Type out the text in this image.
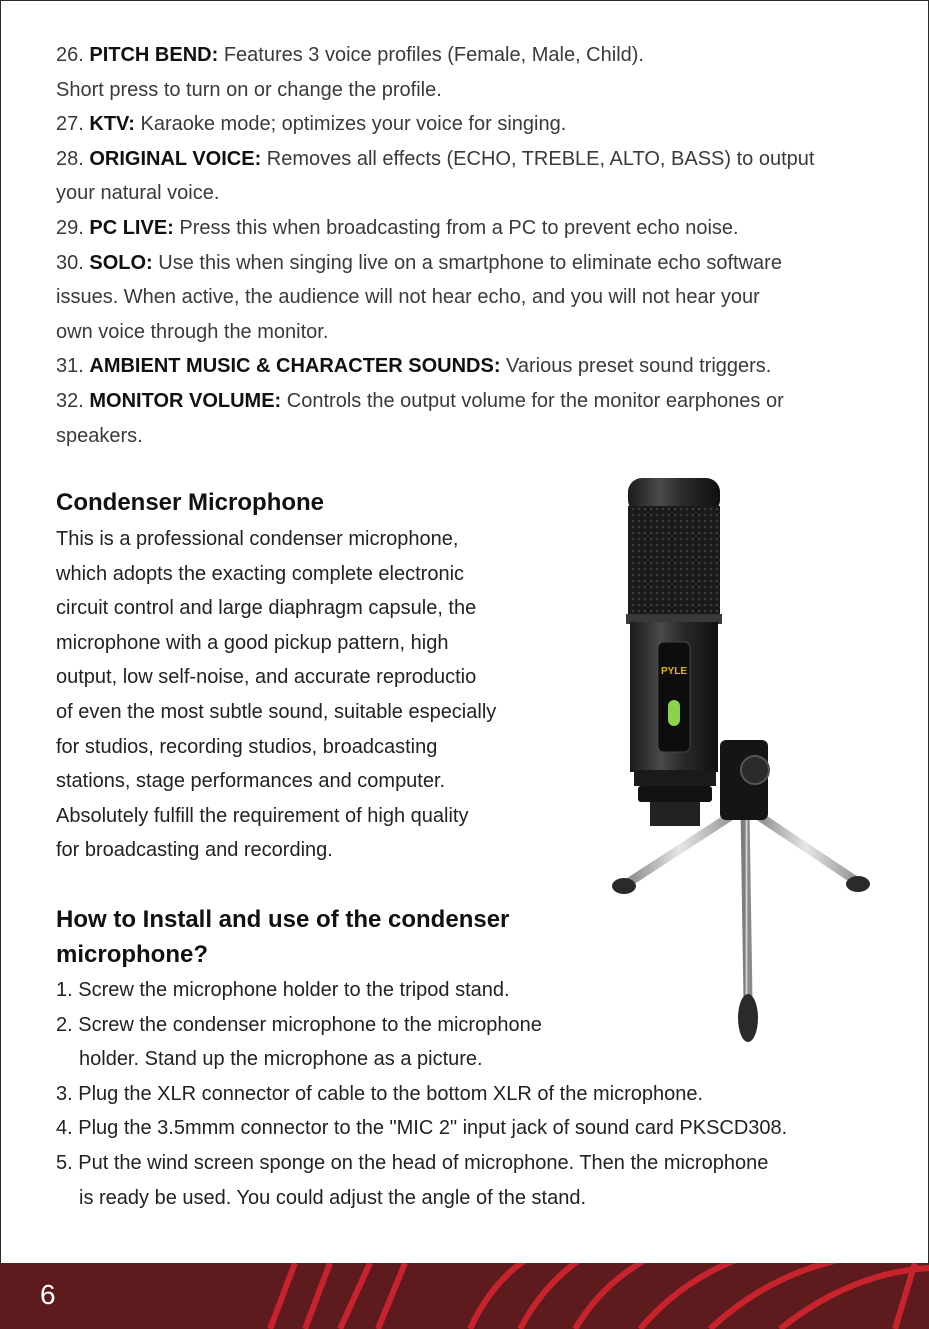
26. PITCH BEND: Features 3 voice profiles (Female, Male, Child).
Short press to turn on or change the profile.
27. KTV: Karaoke mode; optimizes your voice for singing.
28. ORIGINAL VOICE: Removes all effects (ECHO, TREBLE, ALTO, BASS) to output
your natural voice.
29. PC LIVE: Press this when broadcasting from a PC to prevent echo noise.
30. SOLO: Use this when singing live on a smartphone to eliminate echo software
issues. When active, the audience will not hear echo, and you will not hear your
own voice through the monitor.
31. AMBIENT MUSIC & CHARACTER SOUNDS: Various preset sound triggers.
32. MONITOR VOLUME: Controls the output volume for the monitor earphones or
speakers.
Condenser Microphone
This is a professional condenser microphone,
which adopts the exacting complete electronic
circuit control and large diaphragm capsule, the
microphone with a good pickup pattern, high
output, low self-noise, and accurate reproductio
of even the most subtle sound, suitable especially
for studios, recording studios, broadcasting
stations, stage performances and computer.
Absolutely fulfill the requirement of high quality
for broadcasting and recording.
How to Install and use of the condenser
microphone?
1. Screw the microphone holder to the tripod stand.
2. Screw the condenser microphone to the microphone
holder. Stand up the microphone as a picture.
3. Plug the XLR connector of cable to the bottom XLR of the microphone.
4. Plug the 3.5mmm connector to the "MIC 2" input jack of sound card PKSCD308.
5. Put the wind screen sponge on the head of microphone. Then the microphone
is ready be used. You could adjust the angle of the stand.
PYLE
6
